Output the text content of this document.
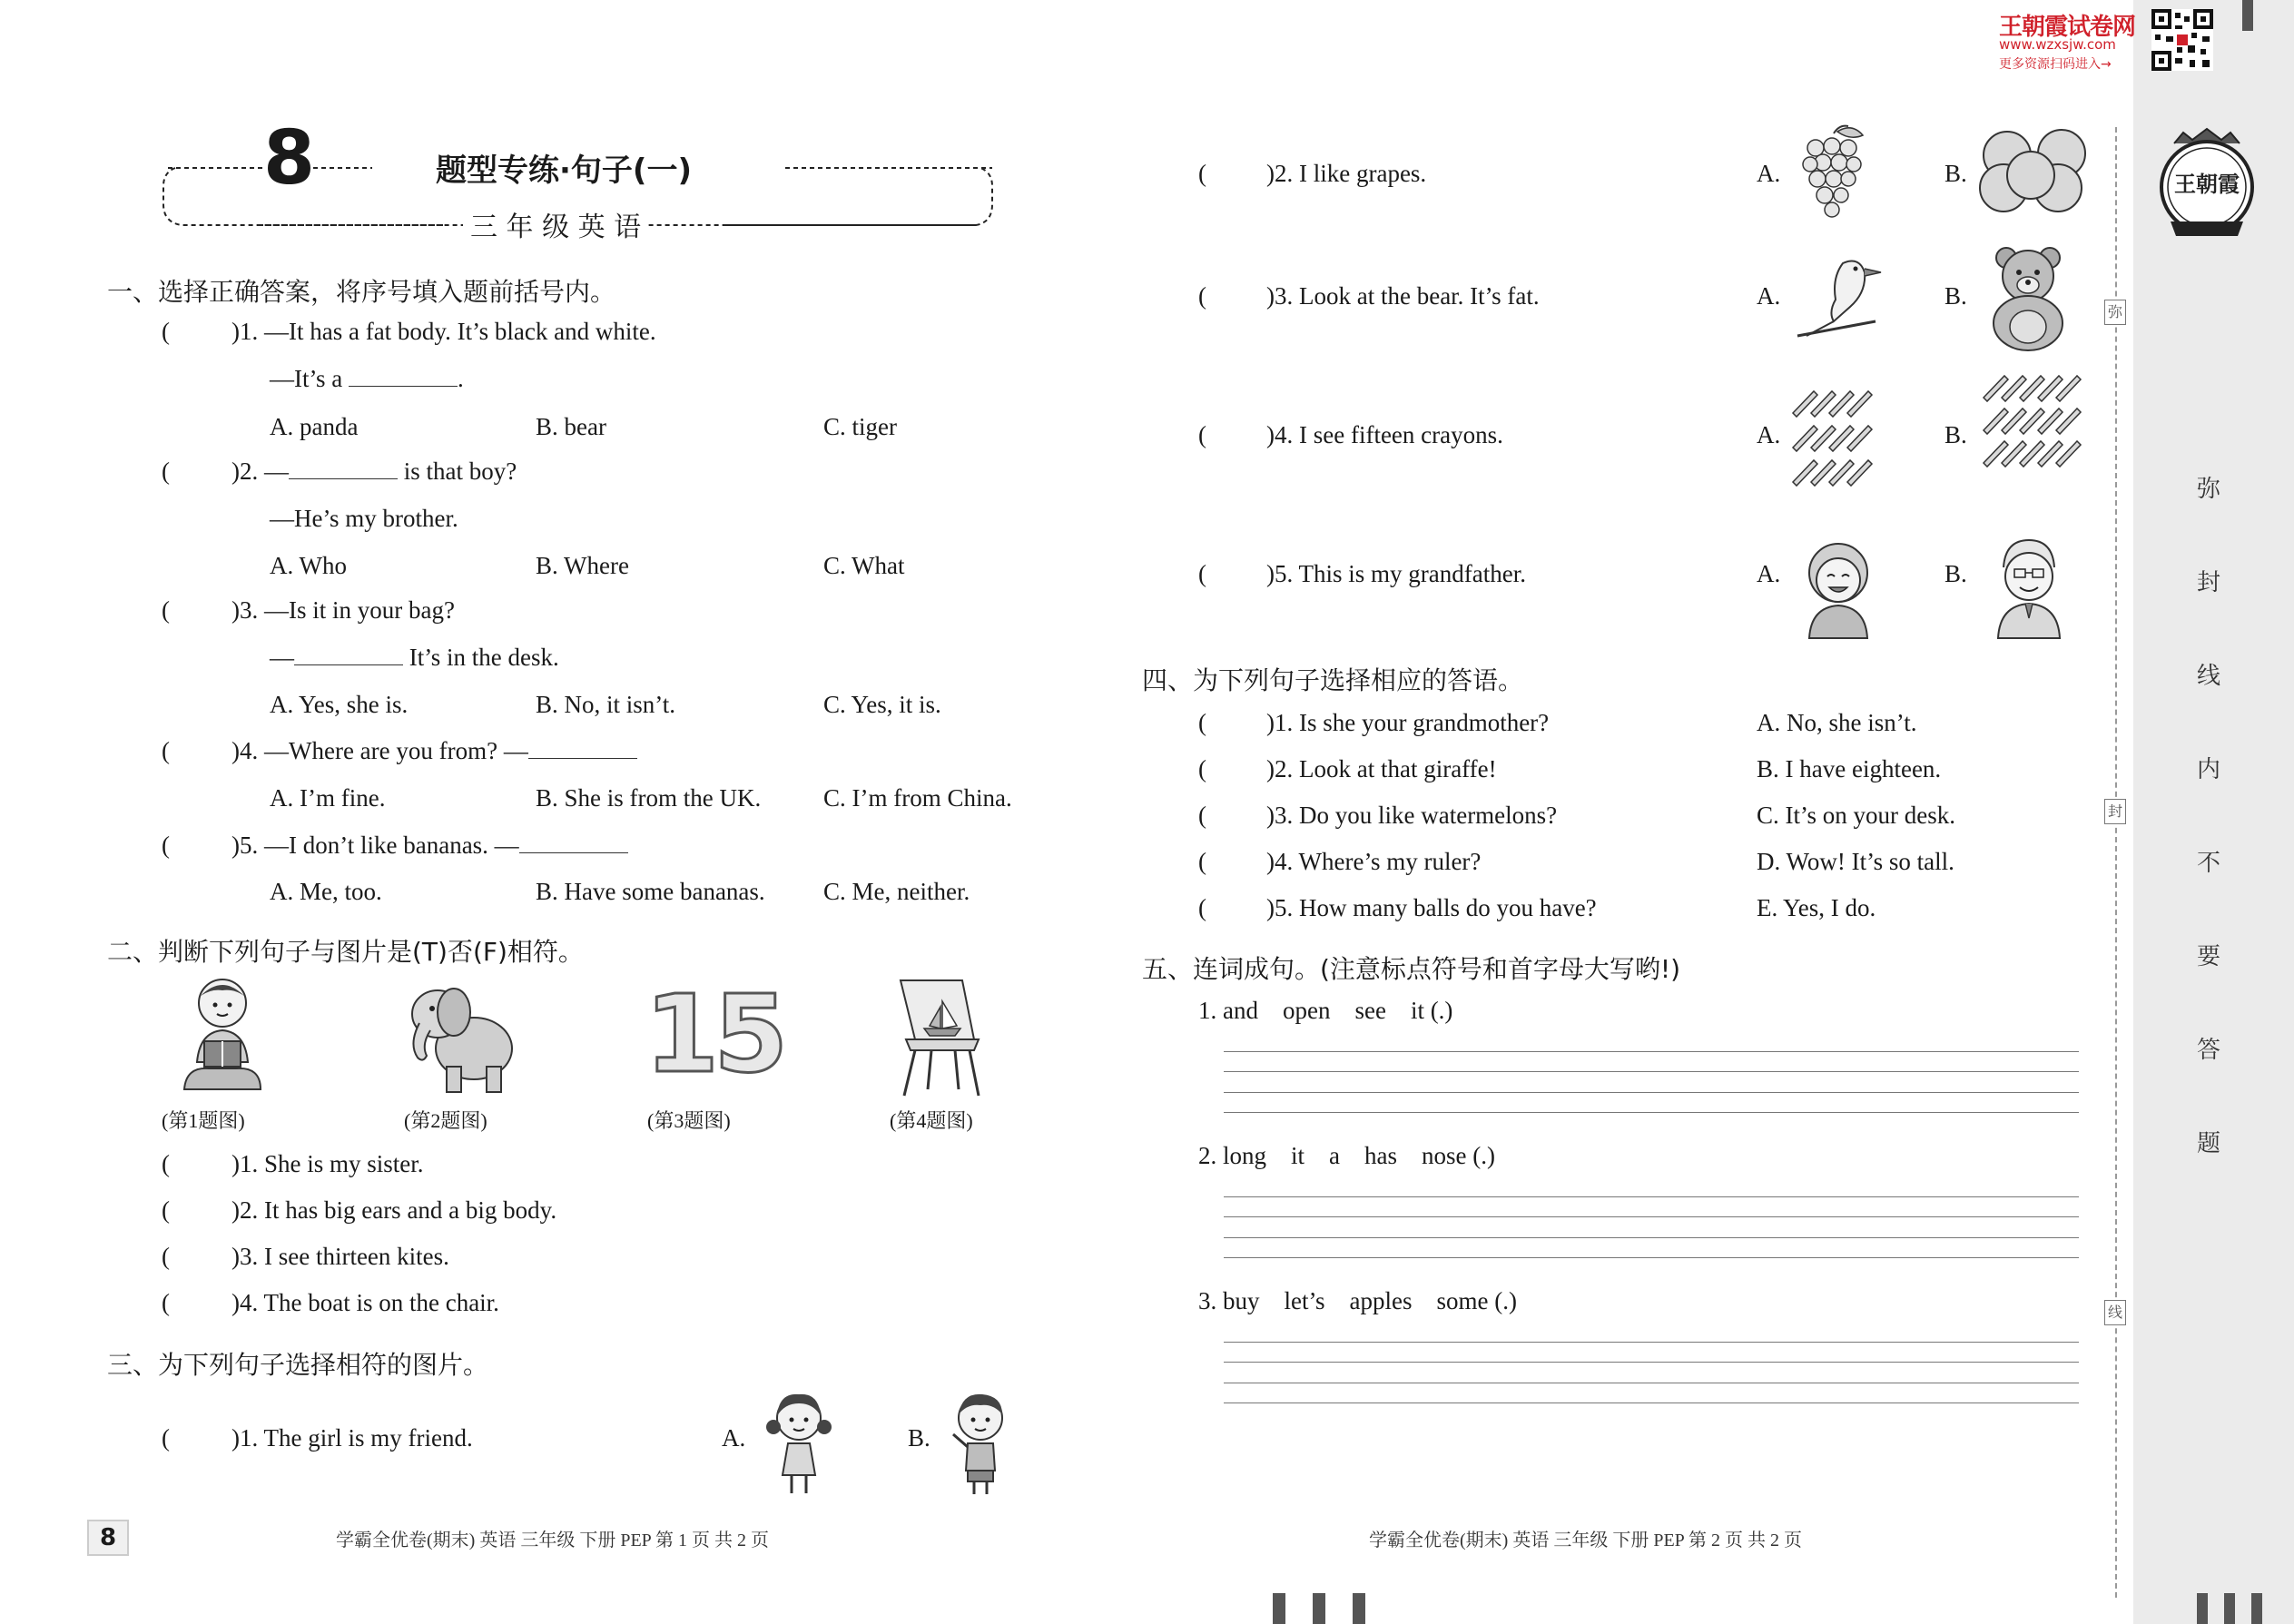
8	题型专练·句子(一)
三 年 级 英 语
一、选择正确答案，将序号填入题前括号内。
(	)1. —It has a fat body. It’s black and white.
—It’s a	.
A. panda	B. bear	C. tiger
(	)2. —	is that boy?
—He’s my brother.
A. Who	B. Where	C. What
(	)3. —Is it in your bag?
—	It’s in the desk.
A. Yes, she is.	B. No, it isn’t.	C. Yes, it is.
(	)4. —Where are you from? —
A. I’m fine.	B. She is from the UK.	C. I’m from China.
(	)5. —I don’t like bananas. —
A. Me, too.	B. Have some bananas. C. Me, neither.
二、判断下列句子与图片是(T)否(F)相符。
15
(第1题图)	(第2题图)	(第3题图)	(第4题图)
(	)1. She is my sister.
(	)2. It has big ears and a big body.
(	)3. I see thirteen kites.
(	)4. The boat is on the chair.
三、为下列句子选择相符的图片。
(	)1. The girl is my friend.	A.	B.
8	学霸全优卷(期末) 英语 三年级 下册 PEP 第 1 页 共 2 页
( )2. I like grapes.	A.	B.
( )3. Look at the bear. It’s fat.	A.	B.
( )4. I see fifteen crayons.	A.	B.
( )5. This is my grandfather.	A.	B.
四、为下列句子选择相应的答语。
( )1. Is she your grandmother?	A. No, she isn’t.
( )2. Look at that giraffe!	B. I have eighteen.
( )3. Do you like watermelons?	C. It’s on your desk.
( )4. Where’s my ruler?	D. Wow! It’s so tall.
( )5. How many balls do you have?	E. Yes, I do.
五、连词成句。(注意标点符号和首字母大写哟!)
1. and    open    see    it (.)
2. long    it    a    has    nose (.)
3. buy    let’s    apples    some (.)
学霸全优卷(期末) 英语 三年级 下册 PEP 第 2 页 共 2 页
弥
封
线
弥
封
线
内
不
要
答
题
王朝霞
王朝霞试卷网
www.wzxsjw.com
更多资源扫码进入→
